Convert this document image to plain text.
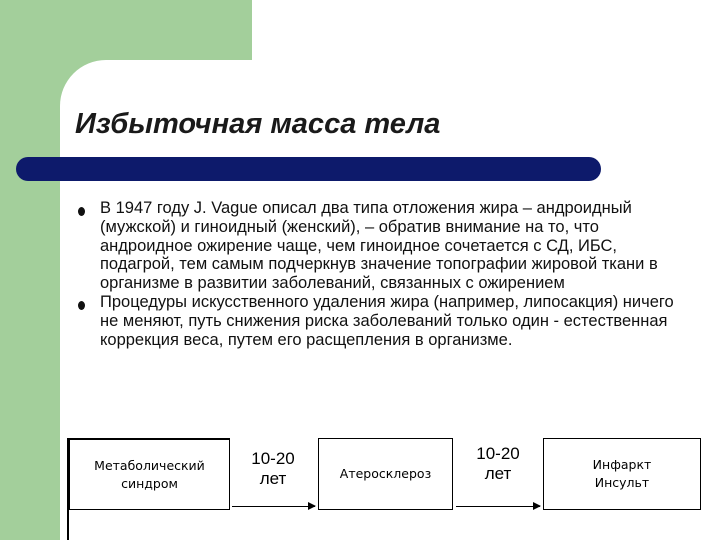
Избыточная масса тела
В 1947 году J. Vague описал два типа отложения жира – андроидный (мужской) и гиноидный (женский), – обратив внимание на то, что андроидное ожирение чаще, чем гиноидное сочетается с СД, ИБС, подагрой, тем самым подчеркнув значение топографии жировой ткани в организме в развитии заболеваний, связанных с ожирением
Процедуры искусственного удаления жира (например, липосакция) ничего не меняют, путь снижения риска заболеваний только один - естественная коррекция веса, путем его расщепления в организме.
Метаболический
синдром
10-20
лет	Атеросклероз
10-20
лет	Инфаркт
Инсульт
